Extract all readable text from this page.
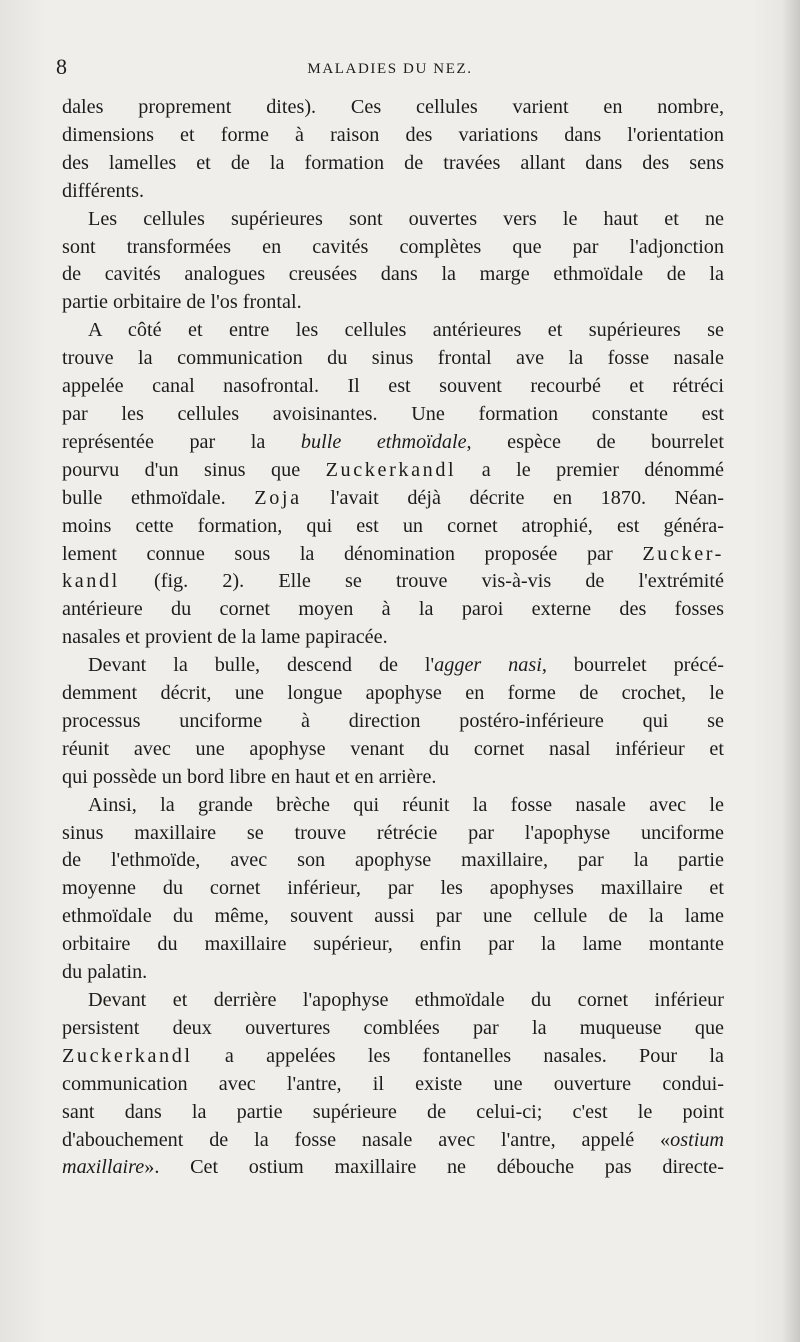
8	MALADIES DU NEZ.
dales proprement dites). Ces cellules varient en nombre,
dimensions et forme à raison des variations dans l'orientation
des lamelles et de la formation de travées allant dans des sens
différents.
Les cellules supérieures sont ouvertes vers le haut et ne
sont transformées en cavités complètes que par l'adjonction
de cavités analogues creusées dans la marge ethmoïdale de la
partie orbitaire de l'os frontal.
A côté et entre les cellules antérieures et supérieures se
trouve la communication du sinus frontal ave la fosse nasale
appelée canal nasofrontal. Il est souvent recourbé et rétréci
par les cellules avoisinantes. Une formation constante est
représentée par la bulle ethmoïdale, espèce de bourrelet
pourvu d'un sinus que Zuckerkandl a le premier dénommé
bulle ethmoïdale. Zoja l'avait déjà décrite en 1870. Néan-
moins cette formation, qui est un cornet atrophié, est généra-
lement connue sous la dénomination proposée par Zucker-
kandl (fig. 2). Elle se trouve vis-à-vis de l'extrémité
antérieure du cornet moyen à la paroi externe des fosses
nasales et provient de la lame papiracée.
Devant la bulle, descend de l'agger nasi, bourrelet précé-
demment décrit, une longue apophyse en forme de crochet, le
processus unciforme à direction postéro-inférieure qui se
réunit avec une apophyse venant du cornet nasal inférieur et
qui possède un bord libre en haut et en arrière.
Ainsi, la grande brèche qui réunit la fosse nasale avec le
sinus maxillaire se trouve rétrécie par l'apophyse unciforme
de l'ethmoïde, avec son apophyse maxillaire, par la partie
moyenne du cornet inférieur, par les apophyses maxillaire et
ethmoïdale du même, souvent aussi par une cellule de la lame
orbitaire du maxillaire supérieur, enfin par la lame montante
du palatin.
Devant et derrière l'apophyse ethmoïdale du cornet inférieur
persistent deux ouvertures comblées par la muqueuse que
Zuckerkandl a appelées les fontanelles nasales. Pour la
communication avec l'antre, il existe une ouverture condui-
sant dans la partie supérieure de celui-ci; c'est le point
d'abouchement de la fosse nasale avec l'antre, appelé «ostium
maxillaire». Cet ostium maxillaire ne débouche pas directe-
